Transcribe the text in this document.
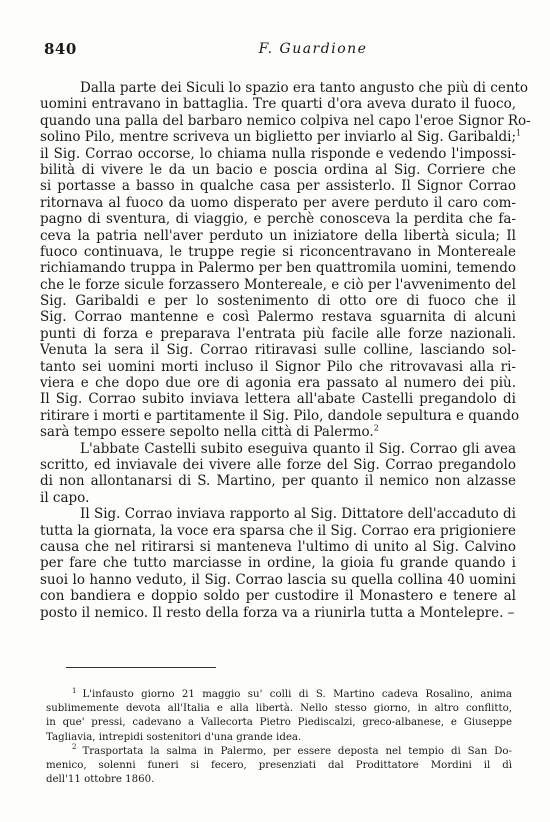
840	F. Guardione
Dalla parte dei Siculi lo spazio era tanto angusto che più di cento
uomini entravano in battaglia. Tre quarti d'ora aveva durato il fuoco,
quando una palla del barbaro nemico colpiva nel capo l'eroe Signor Ro-
solino Pilo, mentre scriveva un biglietto per inviarlo al Sig. Garibaldi;$^1$
il Sig. Corrao occorse, lo chiama nulla risponde e vedendo l'impossi-
bilità di vivere le da un bacio e poscia ordina al Sig. Corriere che
si portasse a basso in qualche casa per assisterlo. Il Signor Corrao
ritornava al fuoco da uomo disperato per avere perduto il caro com-
pagno di sventura, di viaggio, e perchè conosceva la perdita che fa-
ceva la patria nell'aver perduto un iniziatore della libertà sicula; Il
fuoco continuava, le truppe regie si riconcentravano in Montereale
richiamando truppa in Palermo per ben quattromila uomini, temendo
che le forze sicule forzassero Montereale, e ciò per l'avvenimento del
Sig. Garibaldi e per lo sostenimento di otto ore di fuoco che il
Sig. Corrao mantenne e così Palermo restava sguarnita di alcuni
punti di forza e preparava l'entrata più facile alle forze nazionali.
Venuta la sera il Sig. Corrao ritiravasi sulle colline, lasciando sol-
tanto sei uomini morti incluso il Signor Pilo che ritrovavasi alla ri-
viera e che dopo due ore di agonia era passato al numero dei più.
Il Sig. Corrao subito inviava lettera all'abate Castelli pregandolo di
ritirare i morti e partitamente il Sig. Pilo, dandole sepultura e quando
sarà tempo essere sepolto nella città di Palermo.$^2$
L'abbate Castelli subito eseguiva quanto il Sig. Corrao gli avea
scritto, ed inviavale dei vivere alle forze del Sig. Corrao pregandolo
di non allontanarsi di S. Martino, per quanto il nemico non alzasse
il capo.
Il Sig. Corrao inviava rapporto al Sig. Dittatore dell'accaduto di
tutta la giornata, la voce era sparsa che il Sig. Corrao era prigioniere
causa che nel ritirarsi si manteneva l'ultimo di unito al Sig. Calvino
per fare che tutto marciasse in ordine, la gioia fu grande quando i
suoi lo hanno veduto, il Sig. Corrao lascia su quella collina 40 uomini
con bandiera e doppio soldo per custodire il Monastero e tenere al
posto il nemico. Il resto della forza va a riunirla tutta a Montelepre. –
$^1$ L'infausto giorno 21 maggio su' colli di S. Martino cadeva Rosalino, anima
sublimemente devota all'Italia e alla libertà. Nello stesso giorno, in altro conflitto,
in que' pressi, cadevano a Vallecorta Pietro Piediscalzi, greco-albanese, e Giuseppe
Tagliavia, intrepidi sostenitori d'una grande idea.
$^2$ Trasportata la salma in Palermo, per essere deposta nel tempio di San Do-
menico, solenni funeri si fecero, presenziati dal Prodittatore Mordini il dì
dell'11 ottobre 1860.
